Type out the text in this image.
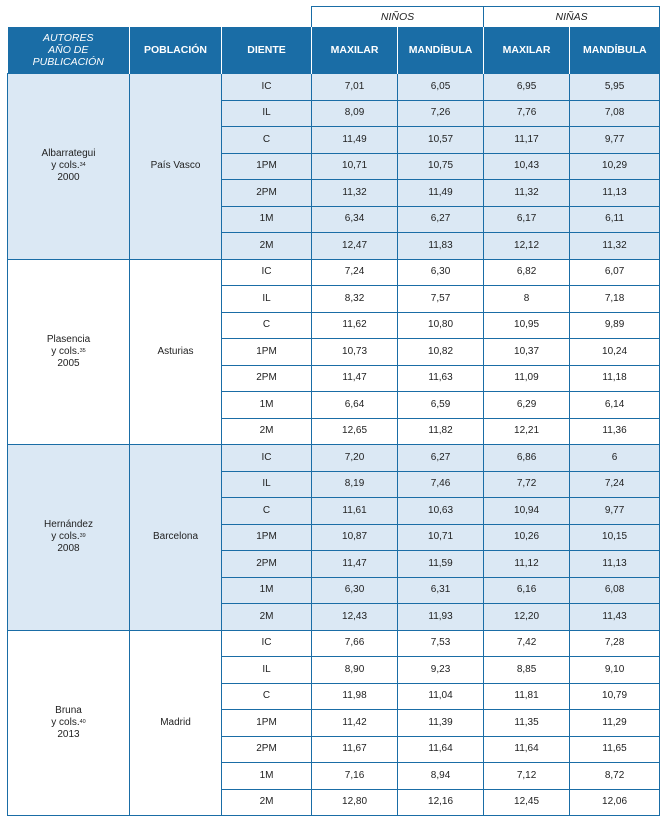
			NIÑOS		NIÑAS	
AUTORES
AÑO DE
PUBLICACIÓN	POBLACIÓN	DIENTE	MAXILAR	MANDÍBULA	MAXILAR	MANDÍBULA
Albarrategui
y cols.$^{34}$
2000	País Vasco	IC	7,01	6,05	6,95	5,95
		IL	8,09	7,26	7,76	7,08
		C	11,49	10,57	11,17	9,77
		1PM	10,71	10,75	10,43	10,29
		2PM	11,32	11,49	11,32	11,13
		1M	6,34	6,27	6,17	6,11
		2M	12,47	11,83	12,12	11,32
Plasencia
y cols.$^{35}$
2005	Asturias	IC	7,24	6,30	6,82	6,07
		IL	8,32	7,57	8	7,18
		C	11,62	10,80	10,95	9,89
		1PM	10,73	10,82	10,37	10,24
		2PM	11,47	11,63	11,09	11,18
		1M	6,64	6,59	6,29	6,14
		2M	12,65	11,82	12,21	11,36
Hernández
y cols.$^{39}$
2008	Barcelona	IC	7,20	6,27	6,86	6
		IL	8,19	7,46	7,72	7,24
		C	11,61	10,63	10,94	9,77
		1PM	10,87	10,71	10,26	10,15
		2PM	11,47	11,59	11,12	11,13
		1M	6,30	6,31	6,16	6,08
		2M	12,43	11,93	12,20	11,43
Bruna
y cols.$^{40}$
2013	Madrid	IC	7,66	7,53	7,42	7,28
		IL	8,90	9,23	8,85	9,10
		C	11,98	11,04	11,81	10,79
		1PM	11,42	11,39	11,35	11,29
		2PM	11,67	11,64	11,64	11,65
		1M	7,16	8,94	7,12	8,72
		2M	12,80	12,16	12,45	12,06
